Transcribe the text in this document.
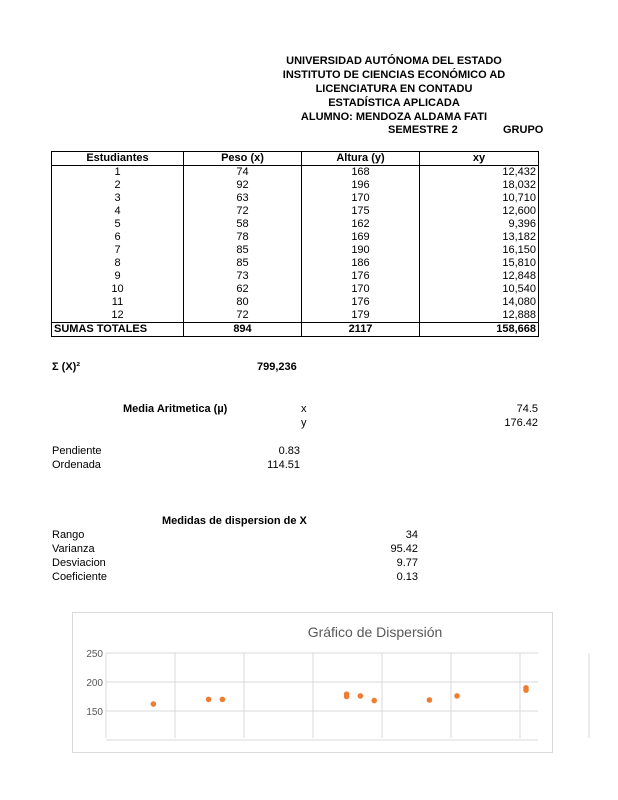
UNIVERSIDAD AUTÓNOMA DEL ESTADO
INSTITUTO DE CIENCIAS ECONÓMICO AD
LICENCIATURA EN CONTADU
ESTADÍSTICA APLICADA
ALUMNO: MENDOZA ALDAMA FATI
SEMESTRE 2	GRUPO
Estudiantes	Peso (x)	Altura (y)	xy
1	74	168	12,432
2	92	196	18,032
3	63	170	10,710
4	72	175	12,600
5	58	162	9,396
6	78	169	13,182
7	85	190	16,150
8	85	186	15,810
9	73	176	12,848
10	62	170	10,540
11	80	176	14,080
12	72	179	12,888
SUMAS TOTALES	894	2117	158,668
Σ (X)²	799,236
Media Aritmetica (µ)	x	74.5
y	176.42
Pendiente	0.83
Ordenada	114.51
Medidas de dispersion de X
Rango	34
Varianza	95.42
Desviacion	9.77
Coeficiente	0.13
Gráfico de Dispersión
250
200
150
